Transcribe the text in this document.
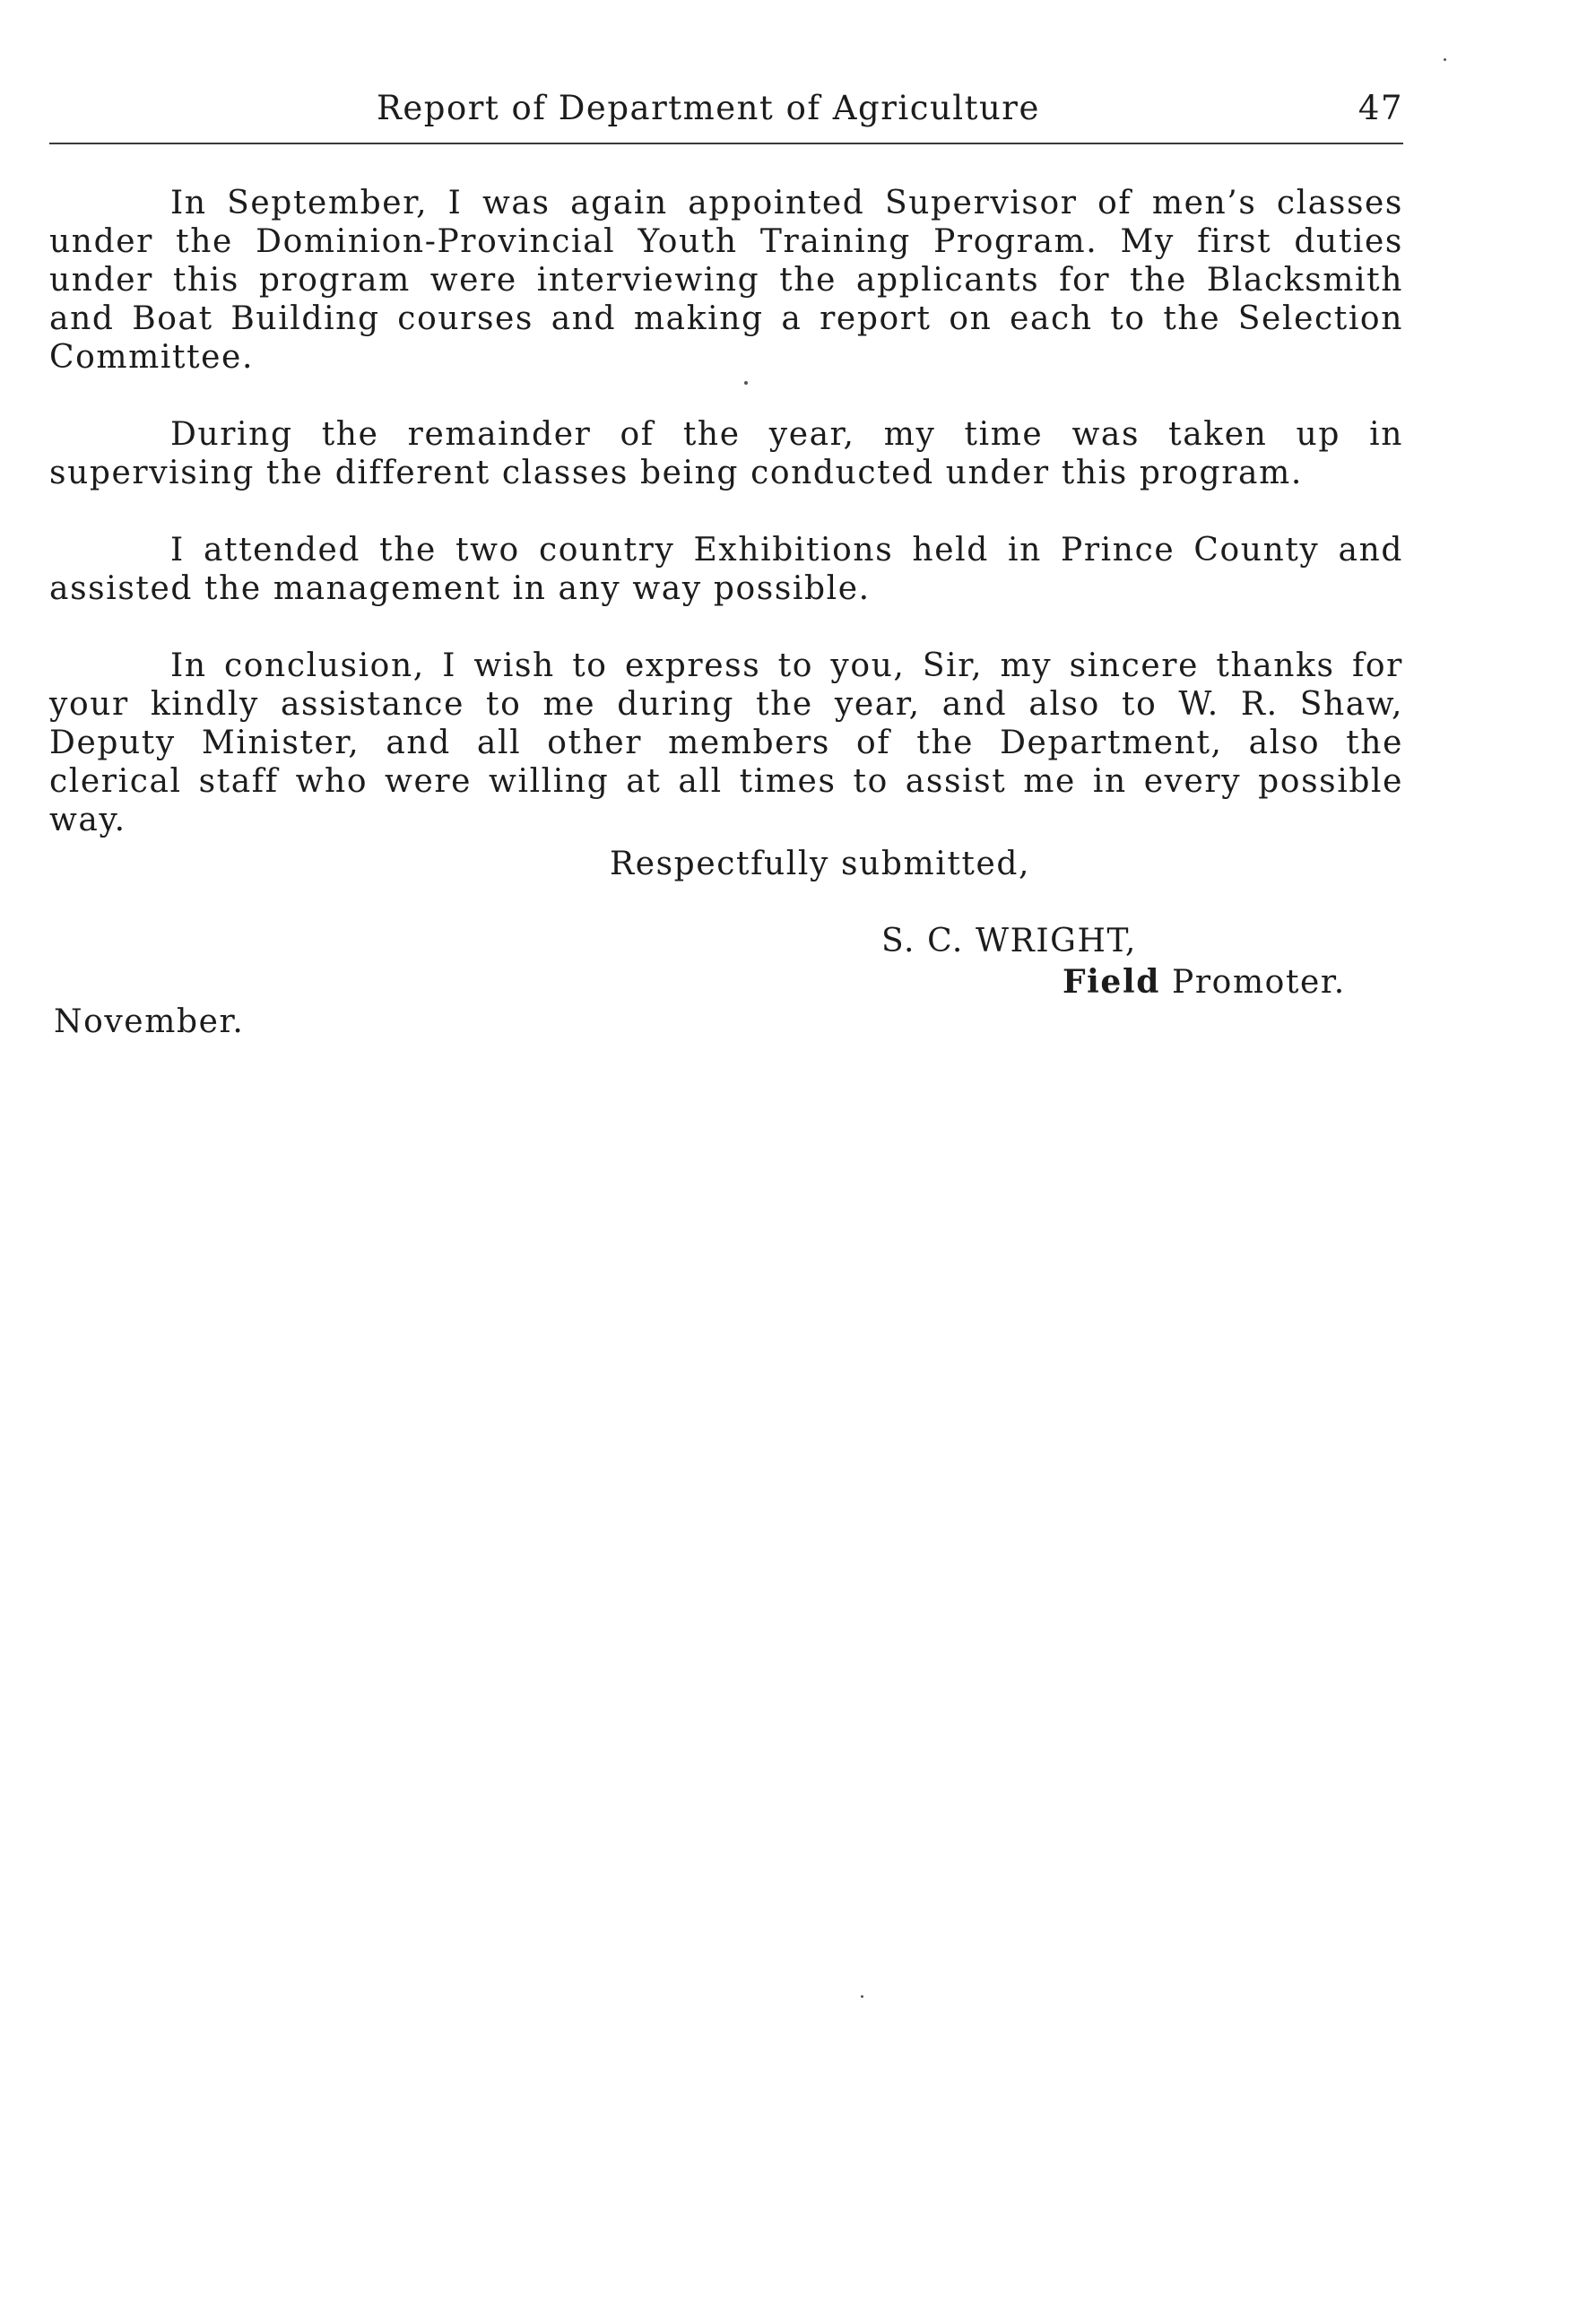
Report of Department of Agriculture	47

In September, I was again appointed Supervisor of men’s classes under the Dominion-Provincial Youth Training Program. My first duties under this program were interviewing the applicants for the Blacksmith and Boat Building courses and making a report on each to the Selection Committee.

During the remainder of the year, my time was taken up in supervising the different classes being conducted under this program.

I attended the two country Exhibitions held in Prince County and assisted the management in any way possible.

In conclusion, I wish to express to you, Sir, my sincere thanks for your kindly assistance to me during the year, and also to W. R. Shaw, Deputy Minister, and all other members of the Department, also the clerical staff who were willing at all times to assist me in every possible way.

Respectfully submitted,
S. C. WRIGHT,
Field Promoter.
November.
